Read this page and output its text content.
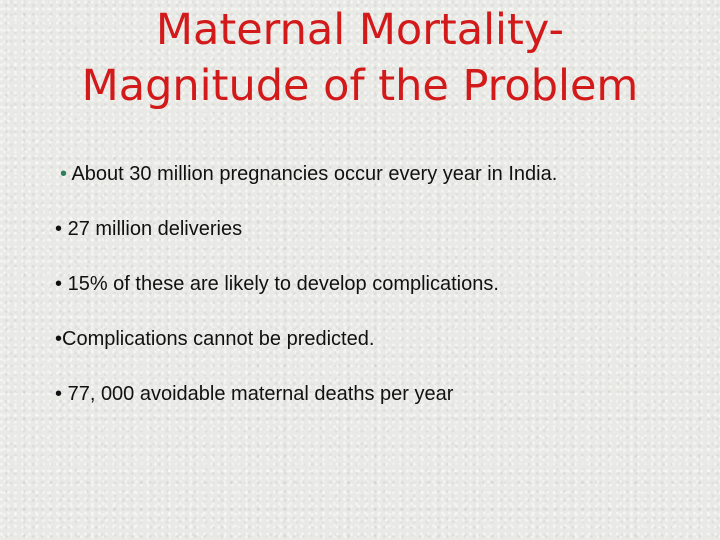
Maternal Mortality-Magnitude of the Problem
• About 30 million pregnancies occur every year in India.
• 27 million deliveries
• 15% of these are likely to develop complications.
•Complications cannot be predicted.
• 77, 000 avoidable maternal deaths per year
